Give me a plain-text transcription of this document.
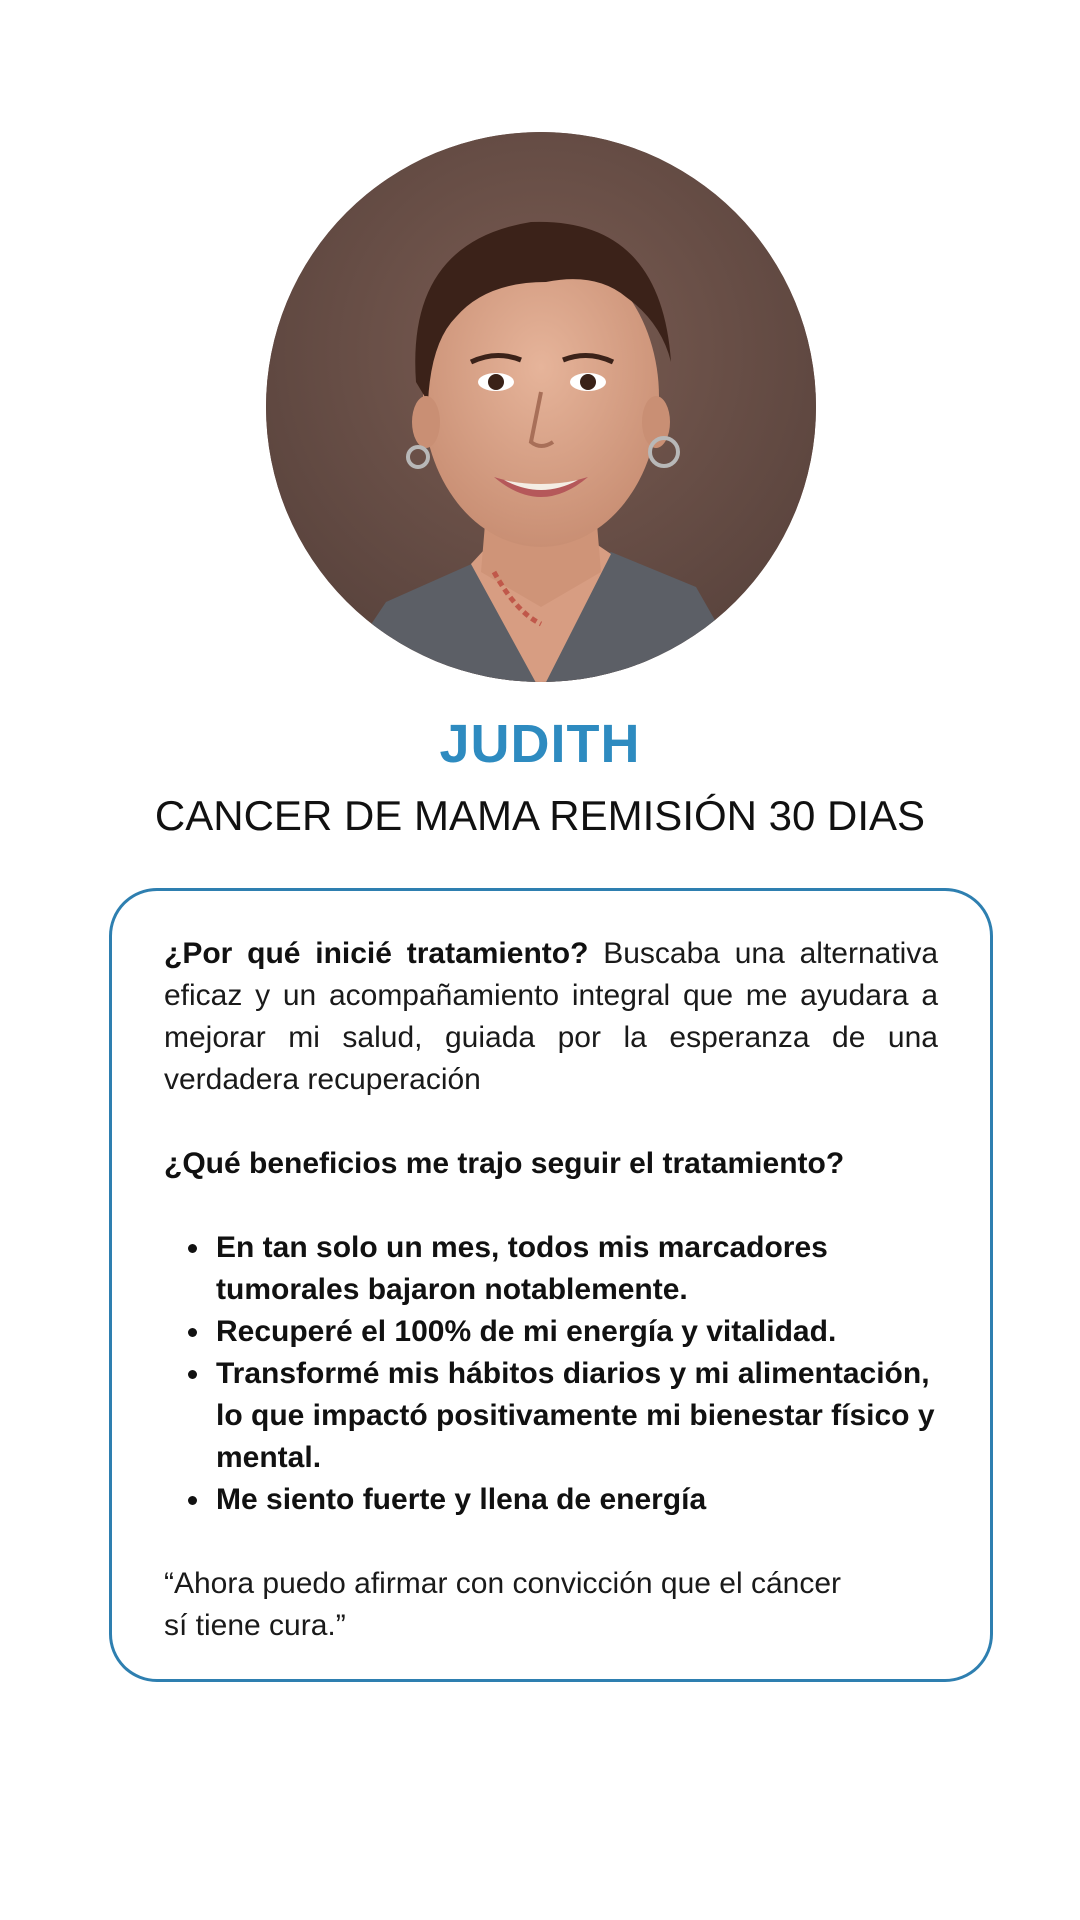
JUDITH
CANCER DE MAMA REMISIÓN 30 DIAS

¿Por qué inicié tratamiento? Buscaba una alternativa eficaz y un acompañamiento integral que me ayudara a mejorar mi salud, guiada por la esperanza de una verdadera recuperación

¿Qué beneficios me trajo seguir el tratamiento?

En tan solo un mes, todos mis marcadores tumorales bajaron notablemente.
Recuperé el 100% de mi energía y vitalidad.
Transformé mis hábitos diarios y mi alimentación, lo que impactó positivamente mi bienestar físico y mental.
Me siento fuerte y llena de energía

“Ahora puedo afirmar con convicción que el cáncer sí tiene cura.”
